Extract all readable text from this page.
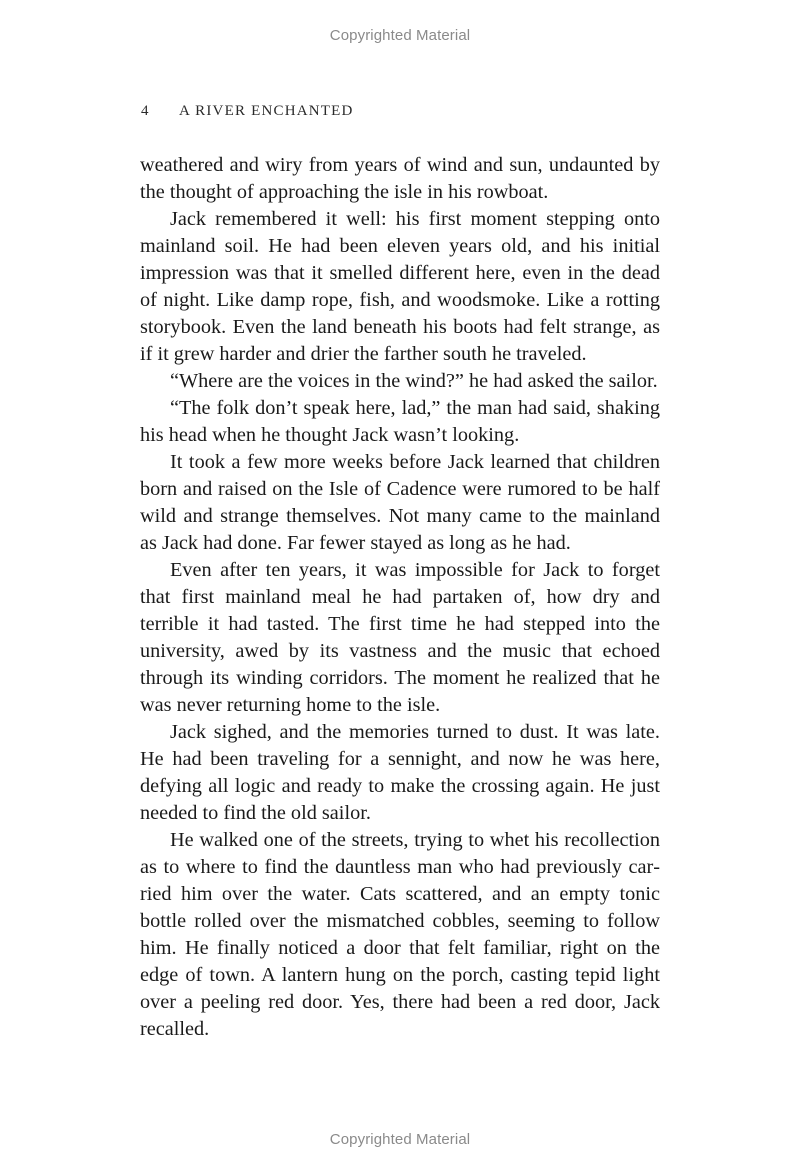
Copyrighted Material
4 A RIVER ENCHANTED

weathered and wiry from years of wind and sun, undaunted by the thought of approaching the isle in his rowboat.

Jack remembered it well: his first moment stepping onto mainland soil. He had been eleven years old, and his initial impression was that it smelled different here, even in the dead of night. Like damp rope, fish, and woodsmoke. Like a rotting storybook. Even the land beneath his boots had felt strange, as if it grew harder and drier the farther south he traveled.

“Where are the voices in the wind?” he had asked the sailor.

“The folk don’t speak here, lad,” the man had said, shaking his head when he thought Jack wasn’t looking.

It took a few more weeks before Jack learned that children born and raised on the Isle of Cadence were rumored to be half wild and strange themselves. Not many came to the mainland as Jack had done. Far fewer stayed as long as he had.

Even after ten years, it was impossible for Jack to forget that first mainland meal he had partaken of, how dry and terrible it had tasted. The first time he had stepped into the university, awed by its vastness and the music that echoed through its winding corridors. The moment he realized that he was never returning home to the isle.

Jack sighed, and the memories turned to dust. It was late. He had been traveling for a sennight, and now he was here, defying all logic and ready to make the crossing again. He just needed to find the old sailor.

He walked one of the streets, trying to whet his recollection as to where to find the dauntless man who had previously carried him over the water. Cats scattered, and an empty tonic bottle rolled over the mismatched cobbles, seeming to follow him. He finally noticed a door that felt familiar, right on the edge of town. A lantern hung on the porch, casting tepid light over a peeling red door. Yes, there had been a red door, Jack recalled.

Copyrighted Material
